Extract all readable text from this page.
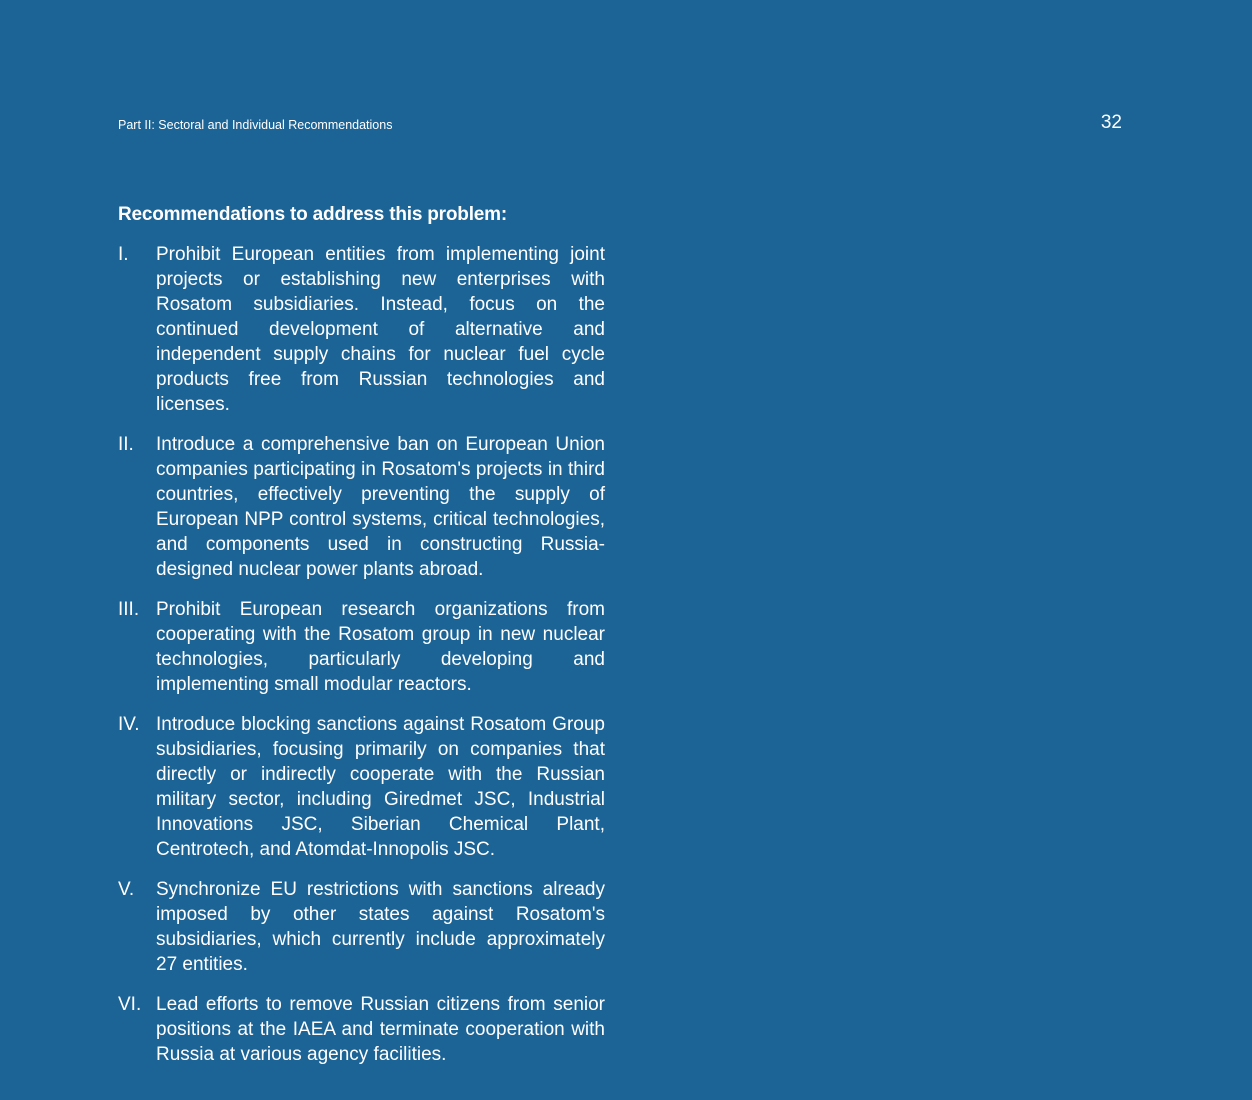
Part II: Sectoral and Individual Recommendations	32
Recommendations to address this problem:
I.	Prohibit European entities from implementing joint projects or establishing new enterprises with Rosatom subsidiaries. Instead, focus on the continued development of alternative and independent supply chains for nuclear fuel cycle products free from Russian technologies and licenses.
II.	Introduce a comprehensive ban on European Union companies participating in Rosatom's projects in third countries, effectively preventing the supply of European NPP control systems, critical technologies, and components used in constructing Russia-designed nuclear power plants abroad.
III. Prohibit European research organizations from cooperating with the Rosatom group in new nuclear technologies, particularly developing and implementing small modular reactors.
IV. Introduce blocking sanctions against Rosatom Group subsidiaries, focusing primarily on companies that directly or indirectly cooperate with the Russian military sector, including Giredmet JSC, Industrial Innovations JSC, Siberian Chemical Plant, Centrotech, and Atomdat-Innopolis JSC.
V.	Synchronize EU restrictions with sanctions already imposed by other states against Rosatom's subsidiaries, which currently include approximately 27 entities.
VI. Lead efforts to remove Russian citizens from senior positions at the IAEA and terminate cooperation with Russia at various agency facilities.
